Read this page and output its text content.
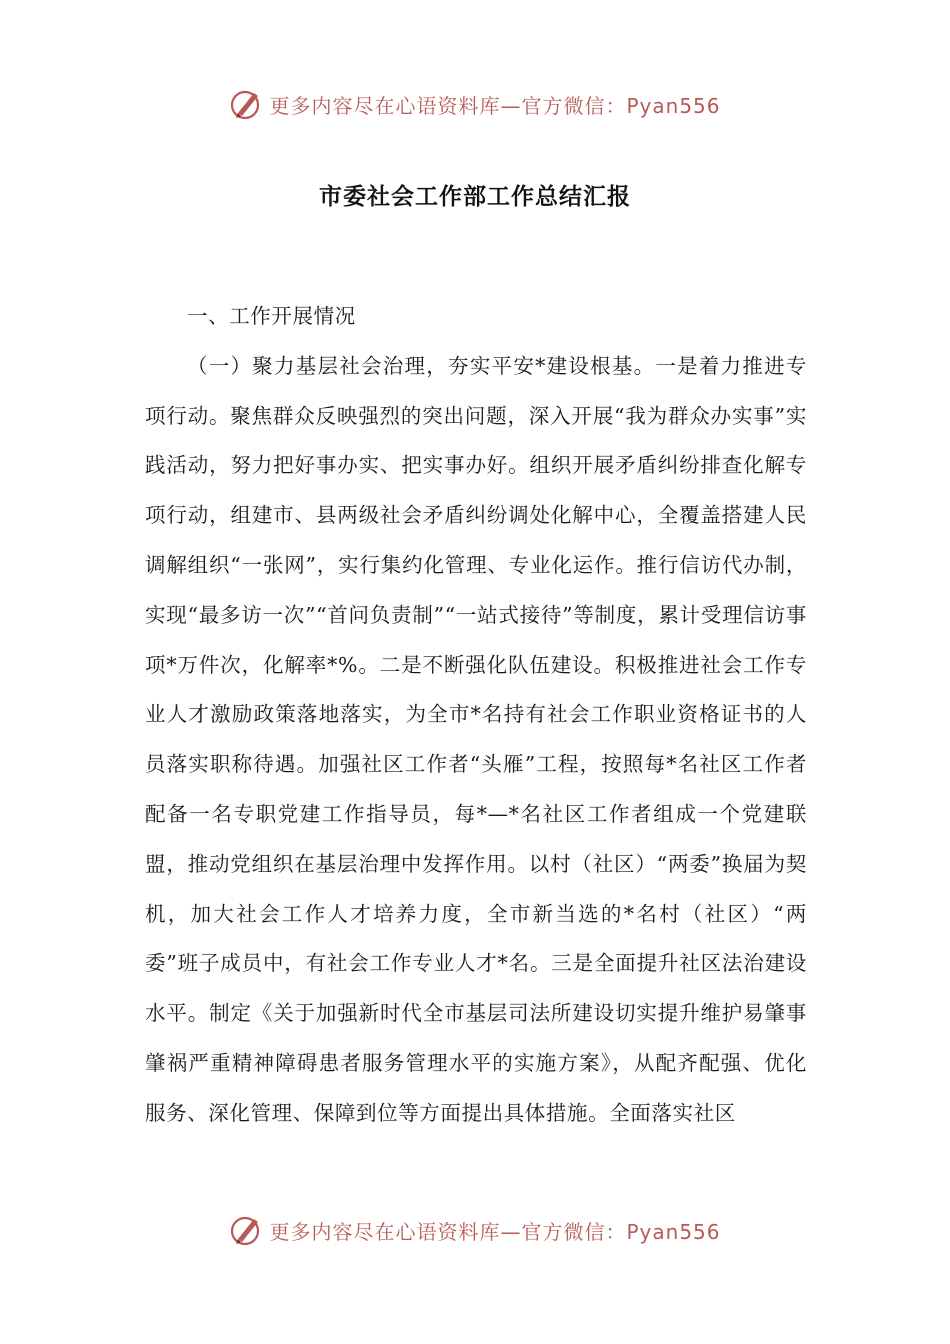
更多内容尽在心语资料库—官方微信：Pyan556
市委社会工作部工作总结汇报

一、工作开展情况

（一）聚力基层社会治理，夯实平安*建设根基。一是着力推进专项行动。聚焦群众反映强烈的突出问题，深入开展“我为群众办实事”实践活动，努力把好事办实、把实事办好。组织开展矛盾纠纷排查化解专项行动，组建市、县两级社会矛盾纠纷调处化解中心，全覆盖搭建人民调解组织“一张网”，实行集约化管理、专业化运作。推行信访代办制，实现“最多访一次”“首问负责制”“一站式接待”等制度，累计受理信访事项*万件次，化解率*%。二是不断强化队伍建设。积极推进社会工作专业人才激励政策落地落实，为全市*名持有社会工作职业资格证书的人员落实职称待遇。加强社区工作者“头雁”工程，按照每*名社区工作者配备一名专职党建工作指导员，每*—*名社区工作者组成一个党建联盟，推动党组织在基层治理中发挥作用。以村（社区）“两委”换届为契机，加大社会工作人才培养力度，全市新当选的*名村（社区）“两委”班子成员中，有社会工作专业人才*名。三是全面提升社区法治建设水平。制定《关于加强新时代全市基层司法所建设切实提升维护易肇事肇祸严重精神障碍患者服务管理水平的实施方案》，从配齐配强、优化服务、深化管理、保障到位等方面提出具体措施。全面落实社区

更多内容尽在心语资料库—官方微信：Pyan556
